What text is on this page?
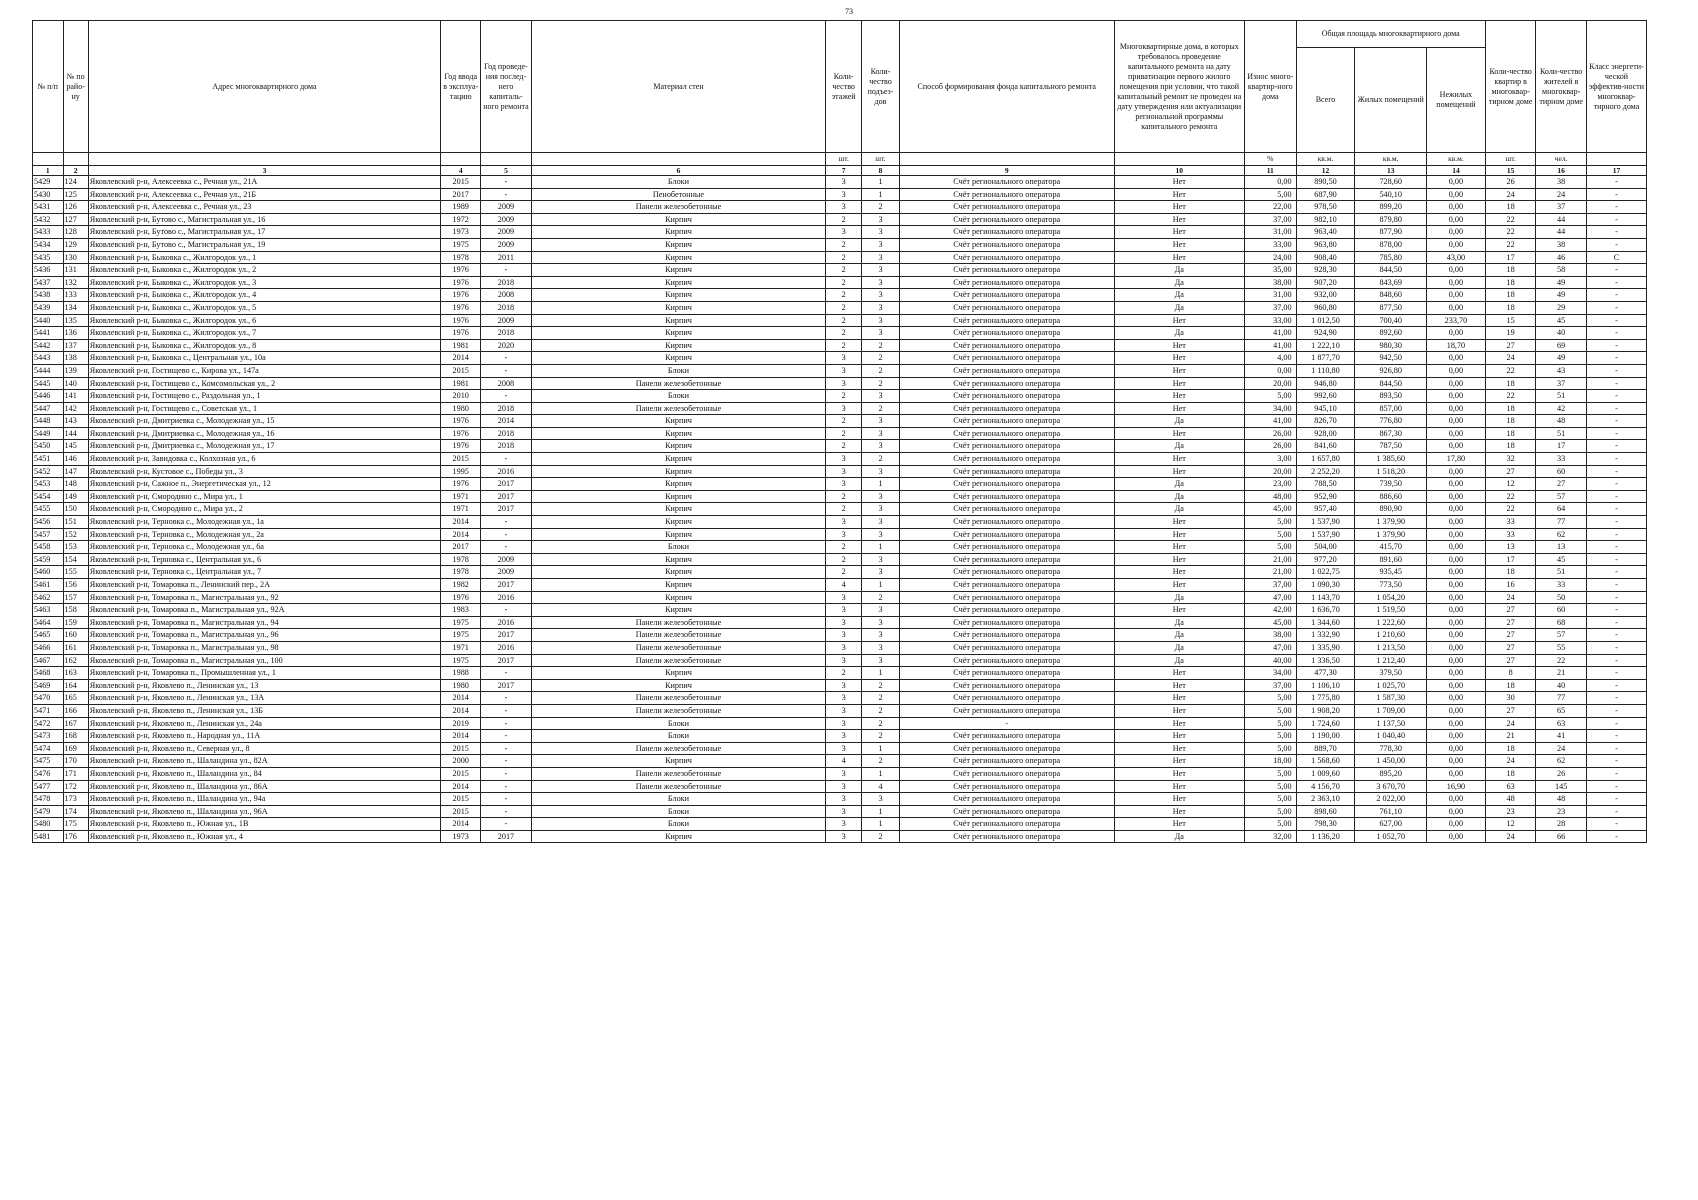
73
№ п/п	№ по райо-ну	Адрес многоквартирного дома	Год ввода в эксплуа-тацию	Год проведе-ния послед-него капиталь-ного ремонта	Материал стен	Коли-чество этажей	Коли-чество подъез-дов	Способ формирования фонда капитального ремонта	Многоквартирные дома, в которых требовалось проведение капитального ремонта на дату приватизации первого жилого помещения при условии, что такой капитальный ремонт не проведен на дату утверждения или актуализации региональной программы капитального ремонта	Износ много-квартир-ного дома	Общая площадь многоквартирного дома			Коли-чество квартир в многоквар-тирном доме	Коли-чество жителей в многоквар-тирном доме	Класс энергети-ческой эффектив-ности многоквар-тирного дома
											Всего	Жилых помещений	Нежилых помещений			
						шт.	шт.			%	кв.м.	кв.м.	кв.м.	шт.	чел.	
1	2	3	4	5	6	7	8	9	10	11	12	13	14	15	16	17
5429	124	Яковлевский р-н, Алексеевка с., Речная ул., 21А	2015	-	Блоки	3	1	Счёт регионального оператора	Нет	0,00	890,50	728,60	0,00	26	38	-
5430	125	Яковлевский р-н, Алексеевка с., Речная ул., 21Б	2017	-	Пенобетонные	3	1	Счёт регионального оператора	Нет	5,00	687,90	540,10	0,00	24	24	-
5431	126	Яковлевский р-н, Алексеевка с., Речная ул., 23	1989	2009	Панели железобетонные	3	2	Счёт регионального оператора	Нет	22,00	978,50	899,20	0,00	18	37	-
5432	127	Яковлевский р-н, Бутово с., Магистральная ул., 16	1972	2009	Кирпич	2	3	Счёт регионального оператора	Нет	37,00	982,10	879,80	0,00	22	44	-
5433	128	Яковлевский р-н, Бутово с., Магистральная ул., 17	1973	2009	Кирпич	3	3	Счёт регионального оператора	Нет	31,00	963,40	877,90	0,00	22	44	-
5434	129	Яковлевский р-н, Бутово с., Магистральная ул., 19	1975	2009	Кирпич	2	3	Счёт регионального оператора	Нет	33,00	963,80	878,00	0,00	22	38	-
5435	130	Яковлевский р-н, Быковка с., Жилгородок ул., 1	1978	2011	Кирпич	2	3	Счёт регионального оператора	Нет	24,00	908,40	785,80	43,00	17	46	С
5436	131	Яковлевский р-н, Быковка с., Жилгородок ул., 2	1976	-	Кирпич	2	3	Счёт регионального оператора	Да	35,00	928,30	844,50	0,00	18	58	-
5437	132	Яковлевский р-н, Быковка с., Жилгородок ул., 3	1976	2018	Кирпич	2	3	Счёт регионального оператора	Да	38,00	907,20	843,69	0,00	18	49	-
5438	133	Яковлевский р-н, Быковка с., Жилгородок ул., 4	1976	2008	Кирпич	2	3	Счёт регионального оператора	Да	31,00	932,00	848,60	0,00	18	49	-
5439	134	Яковлевский р-н, Быковка с., Жилгородок ул., 5	1976	2018	Кирпич	2	3	Счёт регионального оператора	Да	37,00	960,80	877,50	0,00	18	29	-
5440	135	Яковлевский р-н, Быковка с., Жилгородок ул., 6	1976	2009	Кирпич	2	3	Счёт регионального оператора	Нет	33,00	1 012,50	700,40	233,70	15	45	-
5441	136	Яковлевский р-н, Быковка с., Жилгородок ул., 7	1976	2018	Кирпич	2	3	Счёт регионального оператора	Да	41,00	924,90	892,60	0,00	19	40	-
5442	137	Яковлевский р-н, Быковка с., Жилгородок ул., 8	1981	2020	Кирпич	2	2	Счёт регионального оператора	Нет	41,00	1 222,10	980,30	18,70	27	69	-
5443	138	Яковлевский р-н, Быковка с., Центральная ул., 10а	2014	-	Кирпич	3	2	Счёт регионального оператора	Нет	4,00	1 877,70	942,50	0,00	24	49	-
5444	139	Яковлевский р-н, Гостищево с., Кирова ул., 147а	2015	-	Блоки	3	2	Счёт регионального оператора	Нет	0,00	1 110,80	926,80	0,00	22	43	-
5445	140	Яковлевский р-н, Гостищево с., Комсомольская ул., 2	1981	2008	Панели железобетонные	3	2	Счёт регионального оператора	Нет	20,00	946,80	844,50	0,00	18	37	-
5446	141	Яковлевский р-н, Гостищево с., Раздольная ул., 1	2010	-	Блоки	2	3	Счёт регионального оператора	Нет	5,00	992,60	893,50	0,00	22	51	-
5447	142	Яковлевский р-н, Гостищево с., Советская ул., 1	1980	2018	Панели железобетонные	3	2	Счёт регионального оператора	Нет	34,00	945,10	857,00	0,00	18	42	-
5448	143	Яковлевский р-н, Дмитриевка с., Молодежная ул., 15	1976	2014	Кирпич	2	3	Счёт регионального оператора	Да	41,00	826,70	776,80	0,00	18	48	-
5449	144	Яковлевский р-н, Дмитриевка с., Молодежная ул., 16	1976	2018	Кирпич	2	3	Счёт регионального оператора	Нет	26,00	928,00	867,30	0,00	18	51	-
5450	145	Яковлевский р-н, Дмитриевка с., Молодежная ул., 17	1976	2018	Кирпич	2	3	Счёт регионального оператора	Да	26,00	841,60	787,50	0,00	18	17	-
5451	146	Яковлевский р-н, Завидовка с., Колхозная ул., 6	2015	-	Кирпич	3	2	Счёт регионального оператора	Нет	3,00	1 657,80	1 385,60	17,80	32	33	-
5452	147	Яковлевский р-н, Кустовое с., Победы ул., 3	1995	2016	Кирпич	3	3	Счёт регионального оператора	Нет	20,00	2 252,20	1 518,20	0,00	27	60	-
5453	148	Яковлевский р-н, Сажное п., Энергетическая ул., 12	1976	2017	Кирпич	3	1	Счёт регионального оператора	Да	23,00	788,50	739,50	0,00	12	27	-
5454	149	Яковлевский р-н, Смородино с., Мира ул., 1	1971	2017	Кирпич	2	3	Счёт регионального оператора	Да	48,00	952,90	886,60	0,00	22	57	-
5455	150	Яковлевский р-н, Смородино с., Мира ул., 2	1971	2017	Кирпич	2	3	Счёт регионального оператора	Да	45,00	957,40	890,90	0,00	22	64	-
5456	151	Яковлевский р-н, Терновка с., Молодежная ул., 1а	2014	-	Кирпич	3	3	Счёт регионального оператора	Нет	5,00	1 537,90	1 379,90	0,00	33	77	-
5457	152	Яковлевский р-н, Терновка с., Молодежная ул., 2а	2014	-	Кирпич	3	3	Счёт регионального оператора	Нет	5,00	1 537,90	1 379,90	0,00	33	62	-
5458	153	Яковлевский р-н, Терновка с., Молодежная ул., 6а	2017	-	Блоки	2	1	Счёт регионального оператора	Нет	5,00	504,00	415,70	0,00	13	13	-
5459	154	Яковлевский р-н, Терновка с., Центральная ул., 6	1978	2009	Кирпич	2	3	Счёт регионального оператора	Нет	21,00	977,20	891,60	0,00	17	45	-
5460	155	Яковлевский р-н, Терновка с., Центральная ул., 7	1978	2009	Кирпич	2	3	Счёт регионального оператора	Нет	21,00	1 022,75	935,45	0,00	18	51	-
5461	156	Яковлевский р-н, Томаровка п., Ленинский пер., 2А	1982	2017	Кирпич	4	1	Счёт регионального оператора	Нет	37,00	1 090,30	773,50	0,00	16	33	-
5462	157	Яковлевский р-н, Томаровка п., Магистральная ул., 92	1976	2016	Кирпич	3	2	Счёт регионального оператора	Да	47,00	1 143,70	1 054,20	0,00	24	50	-
5463	158	Яковлевский р-н, Томаровка п., Магистральная ул., 92А	1983	-	Кирпич	3	3	Счёт регионального оператора	Нет	42,00	1 636,70	1 519,50	0,00	27	60	-
5464	159	Яковлевский р-н, Томаровка п., Магистральная ул., 94	1975	2016	Панели железобетонные	3	3	Счёт регионального оператора	Да	45,00	1 344,60	1 222,60	0,00	27	68	-
5465	160	Яковлевский р-н, Томаровка п., Магистральная ул., 96	1975	2017	Панели железобетонные	3	3	Счёт регионального оператора	Да	38,00	1 332,90	1 210,60	0,00	27	57	-
5466	161	Яковлевский р-н, Томаровка п., Магистральная ул., 98	1971	2016	Панели железобетонные	3	3	Счёт регионального оператора	Да	47,00	1 335,90	1 213,50	0,00	27	55	-
5467	162	Яковлевский р-н, Томаровка п., Магистральная ул., 100	1975	2017	Панели железобетонные	3	3	Счёт регионального оператора	Да	40,00	1 336,50	1 212,40	0,00	27	22	-
5468	163	Яковлевский р-н, Томаровка п., Промышленная ул., 1	1988	-	Кирпич	2	1	Счёт регионального оператора	Нет	34,00	477,30	379,50	0,00	8	21	-
5469	164	Яковлевский р-н, Яковлево п., Ленинская ул., 13	1980	2017	Кирпич	3	2	Счёт регионального оператора	Нет	37,00	1 106,10	1 025,70	0,00	18	40	-
5470	165	Яковлевский р-н, Яковлево п., Ленинская ул., 13А	2014	-	Панели железобетонные	3	2	Счёт регионального оператора	Нет	5,00	1 775,80	1 587,30	0,00	30	77	-
5471	166	Яковлевский р-н, Яковлево п., Ленинская ул., 13Б	2014	-	Панели железобетонные	3	2	Счёт регионального оператора	Нет	5,00	1 908,20	1 709,00	0,00	27	65	-
5472	167	Яковлевский р-н, Яковлево п., Ленинская ул., 24а	2019	-	Блоки	3	2	-	Нет	5,00	1 724,60	1 137,50	0,00	24	63	-
5473	168	Яковлевский р-н, Яковлево п., Народная ул., 11А	2014	-	Блоки	3	2	Счёт регионального оператора	Нет	5,00	1 190,00	1 040,40	0,00	21	41	-
5474	169	Яковлевский р-н, Яковлево п., Северная ул., 8	2015	-	Панели железобетонные	3	1	Счёт регионального оператора	Нет	5,00	889,70	778,30	0,00	18	24	-
5475	170	Яковлевский р-н, Яковлево п., Шаландина ул., 82А	2000	-	Кирпич	4	2	Счёт регионального оператора	Нет	18,00	1 568,60	1 450,00	0,00	24	62	-
5476	171	Яковлевский р-н, Яковлево п., Шаландина ул., 84	2015	-	Панели железобетонные	3	1	Счёт регионального оператора	Нет	5,00	1 009,60	895,20	0,00	18	26	-
5477	172	Яковлевский р-н, Яковлево п., Шаландина ул., 86А	2014	-	Панели железобетонные	3	4	Счёт регионального оператора	Нет	5,00	4 156,70	3 670,70	16,90	63	145	-
5478	173	Яковлевский р-н, Яковлево п., Шаландина ул., 94а	2015	-	Блоки	3	3	Счёт регионального оператора	Нет	5,00	2 363,10	2 022,00	0,00	48	48	-
5479	174	Яковлевский р-н, Яковлево п., Шаландина ул., 96А	2015	-	Блоки	3	1	Счёт регионального оператора	Нет	5,00	898,60	761,10	0,00	23	23	-
5480	175	Яковлевский р-н, Яковлево п., Южная ул., 1В	2014	-	Блоки	3	1	Счёт регионального оператора	Нет	5,00	798,30	627,00	0,00	12	28	-
5481	176	Яковлевский р-н, Яковлево п., Южная ул., 4	1973	2017	Кирпич	3	2	Счёт регионального оператора	Да	32,00	1 136,20	1 052,70	0,00	24	66	-
